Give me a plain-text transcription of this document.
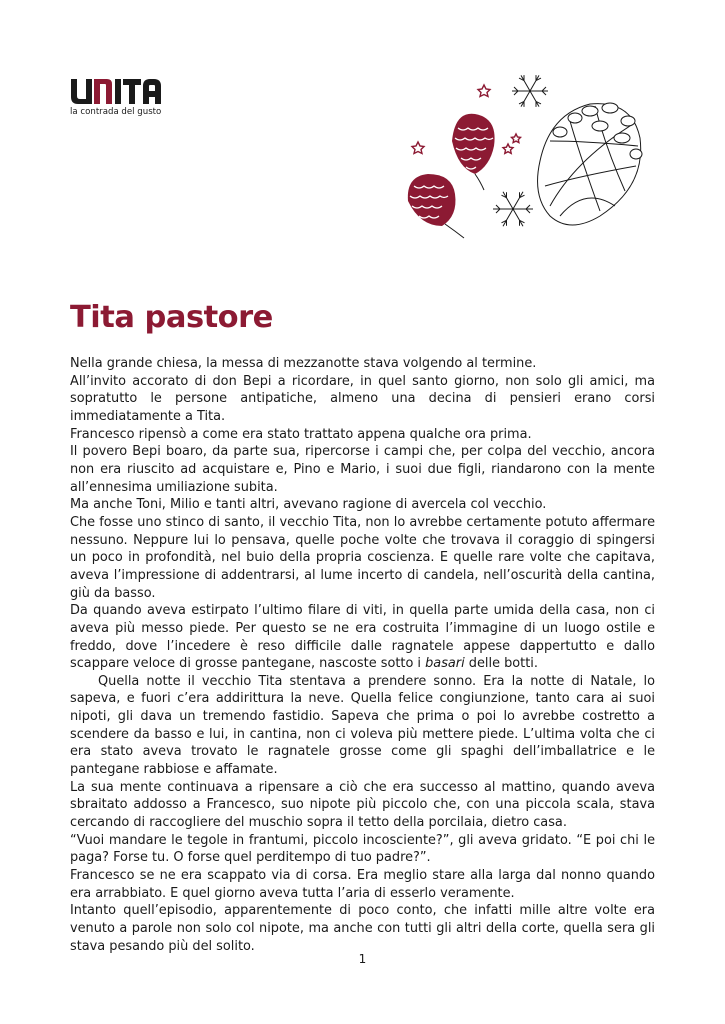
la contrada del gusto
Tita pastore

Nella grande chiesa, la messa di mezzanotte stava volgendo al termine.

All’invito accorato di don Bepi a ricordare, in quel santo giorno, non solo gli amici, ma sopratutto le persone antipatiche, almeno una decina di pensieri erano corsi immediatamente a Tita.

Francesco ripensò a come era stato trattato appena qualche ora prima.

Il povero Bepi boaro, da parte sua, ripercorse i campi che, per colpa del vecchio, ancora non era riuscito ad acquistare e, Pino e Mario, i suoi due figli, riandarono con la mente all’ennesima umiliazione subita.

Ma anche Toni, Milio e tanti altri, avevano ragione di avercela col vecchio.

Che fosse uno stinco di santo, il vecchio Tita, non lo avrebbe certamente potuto affermare nessuno. Neppure lui lo pensava, quelle poche volte che trovava il coraggio di spingersi un poco in profondità, nel buio della propria coscienza. E quelle rare volte che capitava, aveva l’impressione di addentrarsi, al lume incerto di candela, nell’oscurità della cantina, giù da basso.

Da quando aveva estirpato l’ultimo filare di viti, in quella parte umida della casa, non ci aveva più messo piede. Per questo se ne era costruita l’immagine di un luogo ostile e freddo, dove l’incedere è reso difficile dalle ragnatele appese dappertutto e dallo scappare veloce di grosse pantegane, nascoste sotto i basari delle botti.

Quella notte il vecchio Tita stentava a prendere sonno. Era la notte di Natale, lo sapeva, e fuori c’era addirittura la neve. Quella felice congiunzione, tanto cara ai suoi nipoti, gli dava un tremendo fastidio. Sapeva che prima o poi lo avrebbe costretto a scendere da basso e lui, in cantina, non ci voleva più mettere piede. L’ultima volta che ci era stato aveva trovato le ragnatele grosse come gli spaghi dell’imballatrice e le pantegane rabbiose e affamate.

La sua mente continuava a ripensare a ciò che era successo al mattino, quando aveva sbraitato addosso a Francesco, suo nipote più piccolo che, con una piccola scala, stava cercando di raccogliere del muschio sopra il tetto della porcilaia, dietro casa.

“Vuoi mandare le tegole in frantumi, piccolo incosciente?”, gli aveva gridato. “E poi chi le paga? Forse tu. O forse quel perditempo di tuo padre?”.

Francesco se ne era scappato via di corsa. Era meglio stare alla larga dal nonno quando era arrabbiato. E quel giorno aveva tutta l’aria di esserlo veramente.

Intanto quell’episodio, apparentemente di poco conto, che infatti mille altre volte era venuto a parole non solo col nipote, ma anche con tutti gli altri della corte, quella sera gli stava pesando più del solito.

1
